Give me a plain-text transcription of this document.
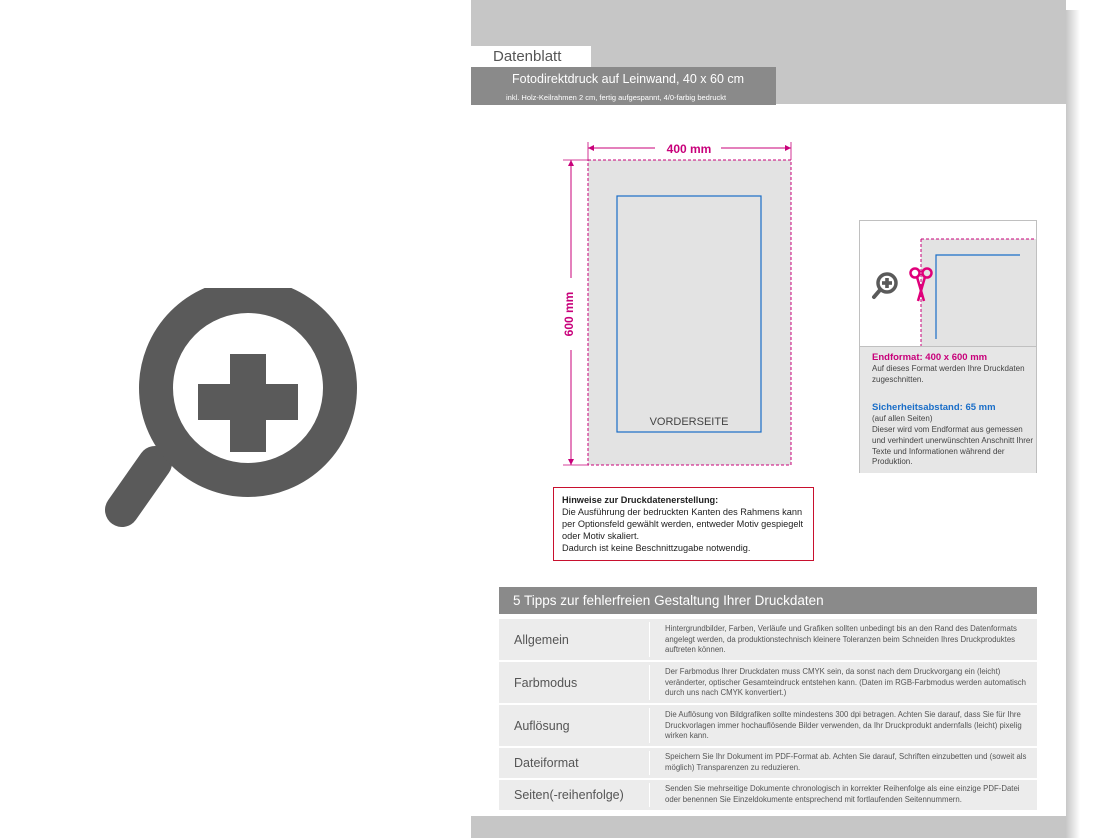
Datenblatt
Fotodirektdruck auf Leinwand, 40 x 60 cm
inkl. Holz-Keilrahmen 2 cm, fertig aufgespannt, 4/0-farbig bedruckt
400 mm
600 mm
VORDERSEITE
Endformat: 400 x 600 mm
Auf dieses Format werden Ihre Druckdaten zugeschnitten.
Sicherheitsabstand: 65 mm
(auf allen Seiten)
Dieser wird vom Endformat aus gemessen und verhindert unerwünschten Anschnitt Ihrer Texte und Informationen während der Produktion.
Hinweise zur Druckdatenerstellung:
Die Ausführung der bedruckten Kanten des Rahmens kann per Optionsfeld gewählt werden, entweder Motiv gespiegelt oder Motiv skaliert.
Dadurch ist keine Beschnittzugabe notwendig.
5 Tipps zur fehlerfreien Gestaltung Ihrer Druckdaten
Allgemein
Hintergrundbilder, Farben, Verläufe und Grafiken sollten unbedingt bis an den Rand des Datenformats angelegt werden, da produktionstechnisch kleinere Toleranzen beim Schneiden Ihres Druckproduktes auftreten können.
Farbmodus
Der Farbmodus Ihrer Druckdaten muss CMYK sein, da sonst nach dem Druckvorgang ein (leicht) veränderter, optischer Gesamteindruck entstehen kann. (Daten im RGB-Farbmodus werden automatisch durch uns nach CMYK konvertiert.)
Auflösung
Die Auflösung von Bildgrafiken sollte mindestens 300 dpi betragen. Achten Sie darauf, dass Sie für Ihre Druckvorlagen immer hochauflösende Bilder verwenden, da Ihr Druckprodukt andernfalls (leicht) pixelig wirken kann.
Dateiformat	Speichern Sie Ihr Dokument im PDF-Format ab. Achten Sie darauf, Schriften einzubetten und (soweit als möglich) Transparenzen zu reduzieren.
Seiten(-reihenfolge)	Senden Sie mehrseitige Dokumente chronologisch in korrekter Reihenfolge als eine einzige PDF-Datei oder benennen Sie Einzeldokumente entsprechend mit fortlaufenden Seitennummern.
